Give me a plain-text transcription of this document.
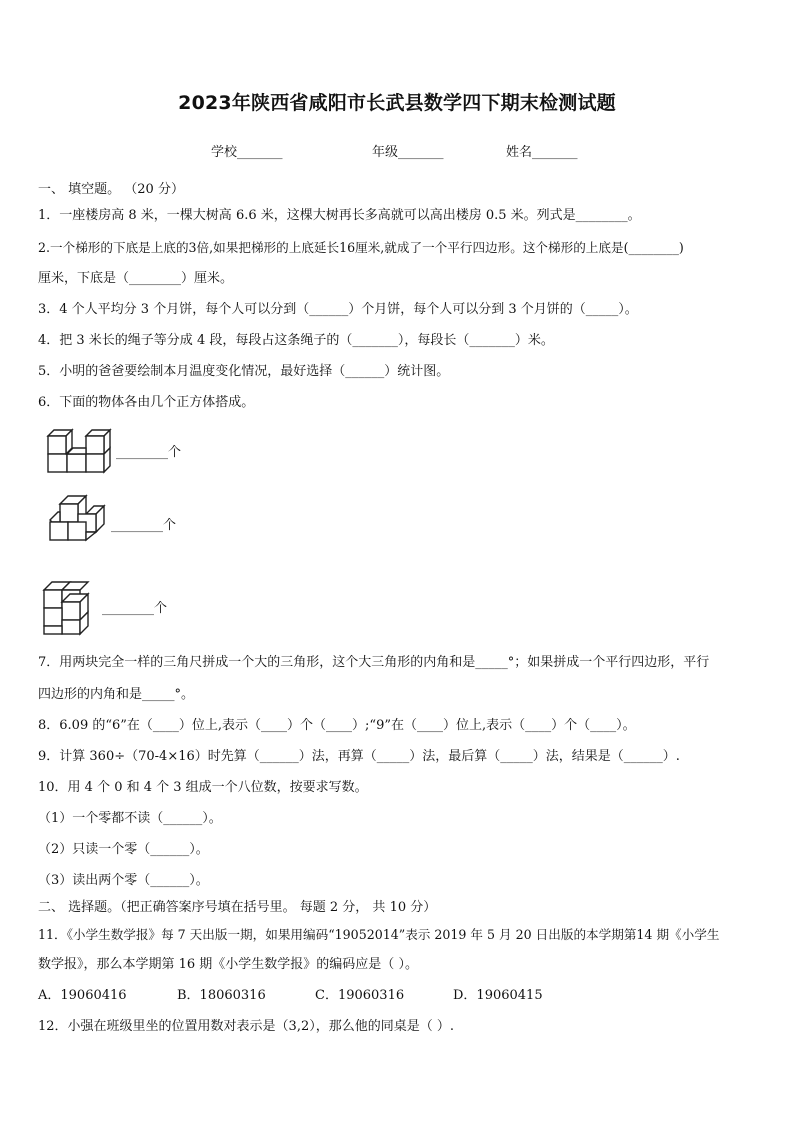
2023年陕西省咸阳市长武县数学四下期末检测试题
学校_______	年级_______	姓名_______
一、 填空题。 （20 分）
1．一座楼房高 8 米，一棵大树高 6.6 米，这棵大树再长多高就可以高出楼房 0.5 米。列式是________。
2.一个梯形的下底是上底的3倍,如果把梯形的上底延长16厘米,就成了一个平行四边形。这个梯形的上底是(________)
厘米，下底是（________）厘米。
3．4 个人平均分 3 个月饼，每个人可以分到（______）个月饼，每个人可以分到 3 个月饼的（_____）。
4．把 3 米长的绳子等分成 4 段，每段占这条绳子的（_______），每段长（_______）米。
5．小明的爸爸要绘制本月温度变化情况，最好选择（______）统计图。
6．下面的物体各由几个正方体搭成。
________个
________个
________个
7．用两块完全一样的三角尺拼成一个大的三角形，这个大三角形的内角和是_____°；如果拼成一个平行四边形，平行
四边形的内角和是_____°。
8．6.09 的“6”在（____）位上,表示（____）个（____）;“9”在（____）位上,表示（____）个（____）。
9．计算 360÷（70-4×16）时先算（______）法，再算（_____）法，最后算（_____）法，结果是（______）.
10．用 4 个 0 和 4 个 3 组成一个八位数，按要求写数。
（1）一个零都不读（______）。
（2）只读一个零（______）。
（3）读出两个零（______）。
二、 选择题。（把正确答案序号填在括号里。 每题 2 分， 共 10 分）
11．《小学生数学报》每 7 天出版一期，如果用编码“19052014”表示 2019 年 5 月 20 日出版的本学期第14 期《小学生
数学报》，那么本学期第 16 期《小学生数学报》的编码应是（ ）。
A．19060416	B．18060316	C．19060316	D．19060415
12．小强在班级里坐的位置用数对表示是（3,2），那么他的同桌是（ ）.
